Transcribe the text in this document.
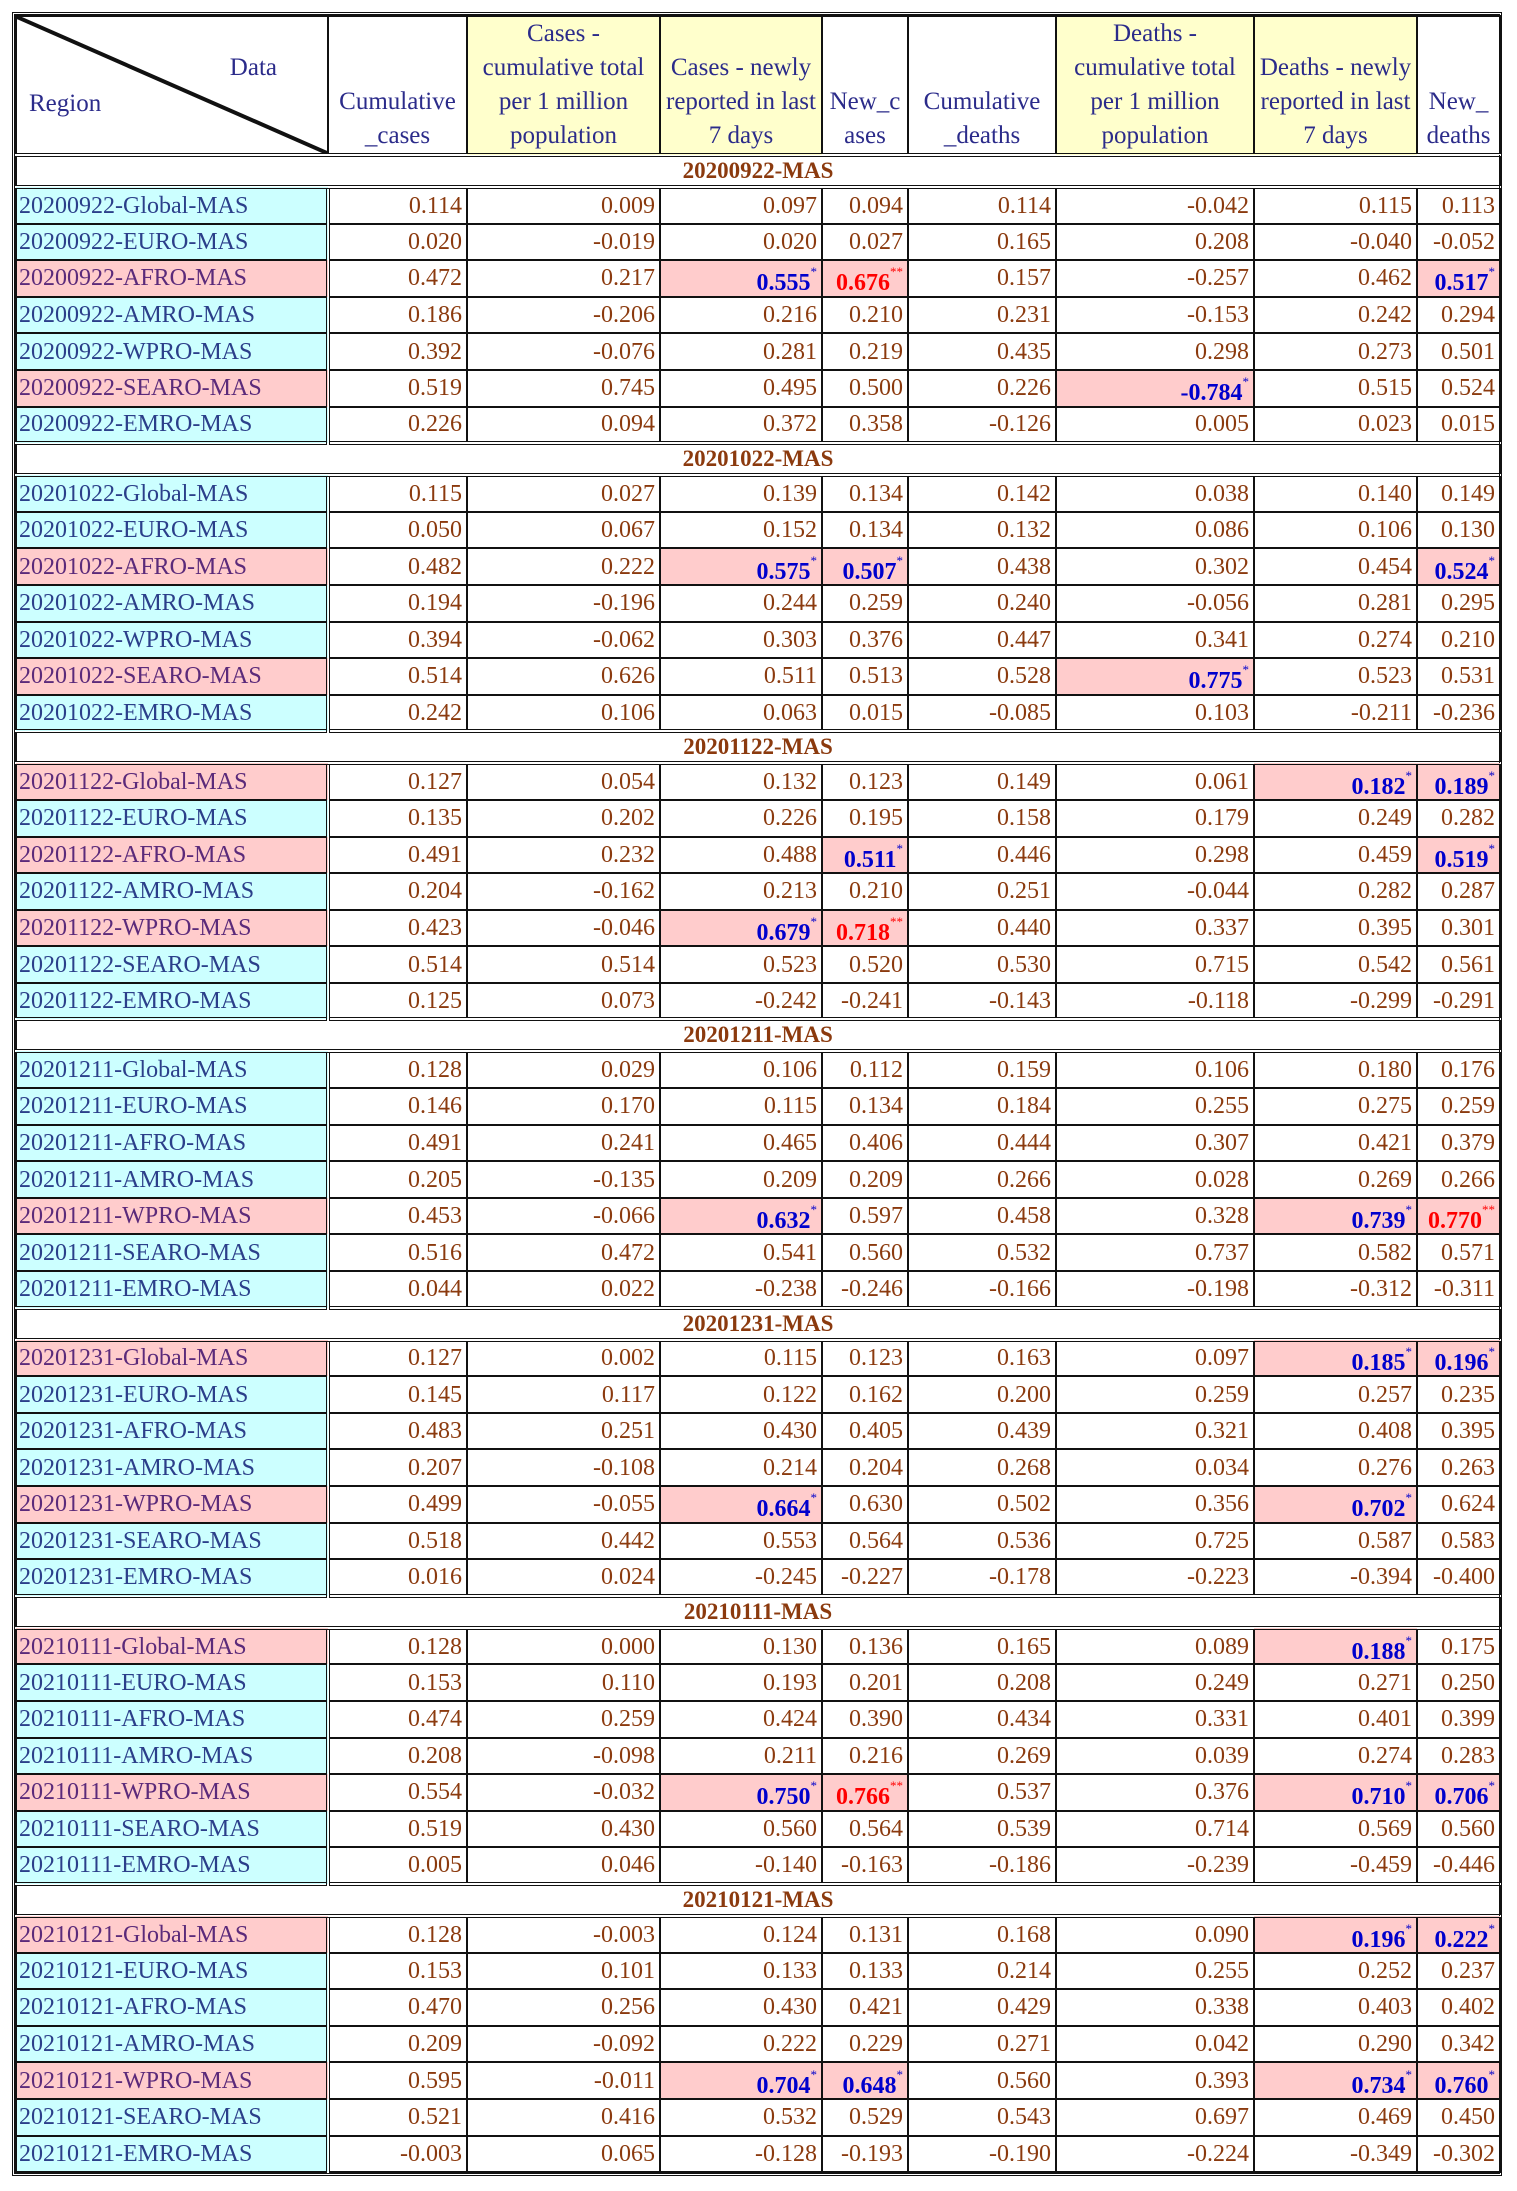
Data
Region	Cumulative _cases	Cases - cumulative total per 1 million population	Cases - newly reported in last 7 days	New_c ases	Cumulative _deaths	Deaths - cumulative total per 1 million population	Deaths - newly reported in last 7 days	New_ deaths
20200922-MAS								
20200922-Global-MAS	0.114	0.009	0.097	0.094	0.114	-0.042	0.115	0.113
20200922-EURO-MAS	0.020	-0.019	0.020	0.027	0.165	0.208	-0.040	-0.052
20200922-AFRO-MAS	0.472	0.217	0.555*	0.676**	0.157	-0.257	0.462	0.517*
20200922-AMRO-MAS	0.186	-0.206	0.216	0.210	0.231	-0.153	0.242	0.294
20200922-WPRO-MAS	0.392	-0.076	0.281	0.219	0.435	0.298	0.273	0.501
20200922-SEARO-MAS	0.519	0.745	0.495	0.500	0.226	-0.784*	0.515	0.524
20200922-EMRO-MAS	0.226	0.094	0.372	0.358	-0.126	0.005	0.023	0.015
20201022-MAS								
20201022-Global-MAS	0.115	0.027	0.139	0.134	0.142	0.038	0.140	0.149
20201022-EURO-MAS	0.050	0.067	0.152	0.134	0.132	0.086	0.106	0.130
20201022-AFRO-MAS	0.482	0.222	0.575*	0.507*	0.438	0.302	0.454	0.524*
20201022-AMRO-MAS	0.194	-0.196	0.244	0.259	0.240	-0.056	0.281	0.295
20201022-WPRO-MAS	0.394	-0.062	0.303	0.376	0.447	0.341	0.274	0.210
20201022-SEARO-MAS	0.514	0.626	0.511	0.513	0.528	0.775*	0.523	0.531
20201022-EMRO-MAS	0.242	0.106	0.063	0.015	-0.085	0.103	-0.211	-0.236
20201122-MAS								
20201122-Global-MAS	0.127	0.054	0.132	0.123	0.149	0.061	0.182*	0.189*
20201122-EURO-MAS	0.135	0.202	0.226	0.195	0.158	0.179	0.249	0.282
20201122-AFRO-MAS	0.491	0.232	0.488	0.511*	0.446	0.298	0.459	0.519*
20201122-AMRO-MAS	0.204	-0.162	0.213	0.210	0.251	-0.044	0.282	0.287
20201122-WPRO-MAS	0.423	-0.046	0.679*	0.718**	0.440	0.337	0.395	0.301
20201122-SEARO-MAS	0.514	0.514	0.523	0.520	0.530	0.715	0.542	0.561
20201122-EMRO-MAS	0.125	0.073	-0.242	-0.241	-0.143	-0.118	-0.299	-0.291
20201211-MAS								
20201211-Global-MAS	0.128	0.029	0.106	0.112	0.159	0.106	0.180	0.176
20201211-EURO-MAS	0.146	0.170	0.115	0.134	0.184	0.255	0.275	0.259
20201211-AFRO-MAS	0.491	0.241	0.465	0.406	0.444	0.307	0.421	0.379
20201211-AMRO-MAS	0.205	-0.135	0.209	0.209	0.266	0.028	0.269	0.266
20201211-WPRO-MAS	0.453	-0.066	0.632*	0.597	0.458	0.328	0.739*	0.770**
20201211-SEARO-MAS	0.516	0.472	0.541	0.560	0.532	0.737	0.582	0.571
20201211-EMRO-MAS	0.044	0.022	-0.238	-0.246	-0.166	-0.198	-0.312	-0.311
20201231-MAS								
20201231-Global-MAS	0.127	0.002	0.115	0.123	0.163	0.097	0.185*	0.196*
20201231-EURO-MAS	0.145	0.117	0.122	0.162	0.200	0.259	0.257	0.235
20201231-AFRO-MAS	0.483	0.251	0.430	0.405	0.439	0.321	0.408	0.395
20201231-AMRO-MAS	0.207	-0.108	0.214	0.204	0.268	0.034	0.276	0.263
20201231-WPRO-MAS	0.499	-0.055	0.664*	0.630	0.502	0.356	0.702*	0.624
20201231-SEARO-MAS	0.518	0.442	0.553	0.564	0.536	0.725	0.587	0.583
20201231-EMRO-MAS	0.016	0.024	-0.245	-0.227	-0.178	-0.223	-0.394	-0.400
20210111-MAS								
20210111-Global-MAS	0.128	0.000	0.130	0.136	0.165	0.089	0.188*	0.175
20210111-EURO-MAS	0.153	0.110	0.193	0.201	0.208	0.249	0.271	0.250
20210111-AFRO-MAS	0.474	0.259	0.424	0.390	0.434	0.331	0.401	0.399
20210111-AMRO-MAS	0.208	-0.098	0.211	0.216	0.269	0.039	0.274	0.283
20210111-WPRO-MAS	0.554	-0.032	0.750*	0.766**	0.537	0.376	0.710*	0.706*
20210111-SEARO-MAS	0.519	0.430	0.560	0.564	0.539	0.714	0.569	0.560
20210111-EMRO-MAS	0.005	0.046	-0.140	-0.163	-0.186	-0.239	-0.459	-0.446
20210121-MAS								
20210121-Global-MAS	0.128	-0.003	0.124	0.131	0.168	0.090	0.196*	0.222*
20210121-EURO-MAS	0.153	0.101	0.133	0.133	0.214	0.255	0.252	0.237
20210121-AFRO-MAS	0.470	0.256	0.430	0.421	0.429	0.338	0.403	0.402
20210121-AMRO-MAS	0.209	-0.092	0.222	0.229	0.271	0.042	0.290	0.342
20210121-WPRO-MAS	0.595	-0.011	0.704*	0.648*	0.560	0.393	0.734*	0.760*
20210121-SEARO-MAS	0.521	0.416	0.532	0.529	0.543	0.697	0.469	0.450
20210121-EMRO-MAS	-0.003	0.065	-0.128	-0.193	-0.190	-0.224	-0.349	-0.302
